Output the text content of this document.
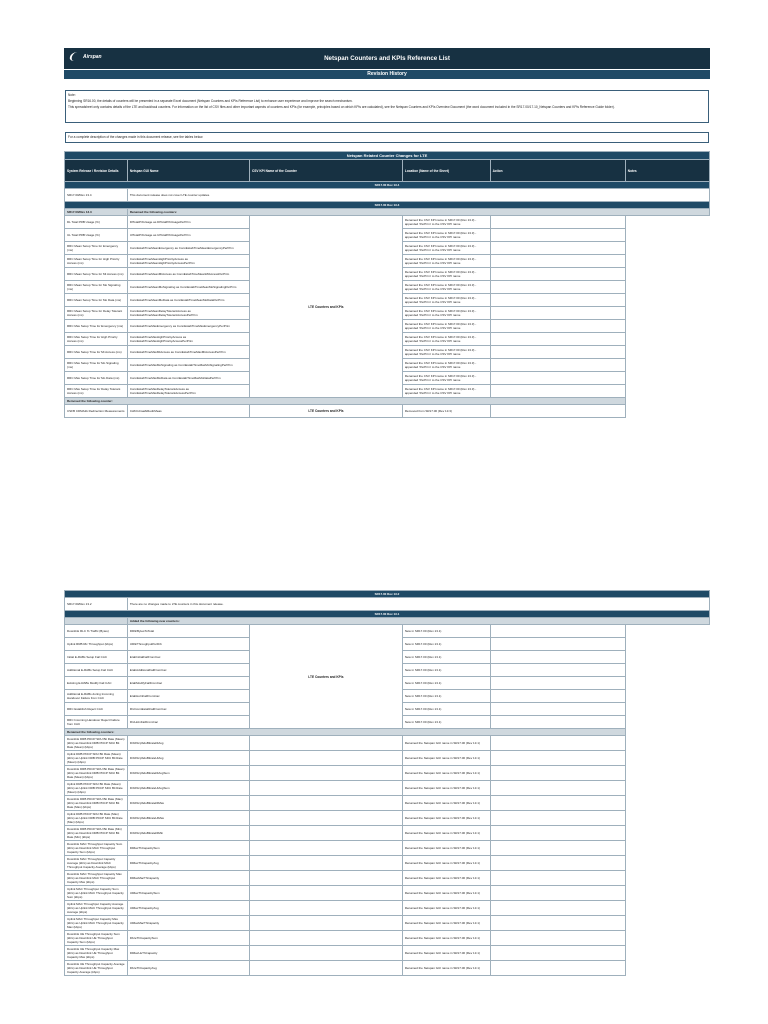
Airspan	Netspan Counters and KPIs Reference List
Revision History

Note:

Beginning SR16.00, the details of counters will be presented in a separate Excel document (Netspan Counters and KPIs Reference List) to enhance user experience and improve the search mechanism.

This spreadsheet only contains details of the LTE and backhaul counters. For information on the list of CSV files and other important aspects of counters and KPIs (for example, principles based on which KPIs are calculated), see the Netspan Counters and KPIs Overview Document (the word document included in the SR17.00/17.10_Netspan Counters and KPIs Reference Guide folder).

For a complete description of the changes made in this document release, see the tables below.
Netspan Related Counter Changes for LTE					
System Release / Revision Details	Netspan GUI Name	CSV KPI Name of the Counter	Location (Name of the Sheet)	Action	Notes
SR17.00 Rev 13.4					
SR17.00/Rev 13.4	This document release does not cover LTE counter updates.				
SR17.00 Rev 13.3					
SR17.00/Rev 13.3	Renamed the following counters:				
DL Total PRB Usage (%)	DlTotalPrbUsage as DlTotalPrbUsagePerPrim	LTE Counters and KPIs	Renamed the CSV KPI name in SR17.00 (Rev 13.3) - appended 'PerPrim' to the CSV KPI name		
UL Total PRB Usage (%)	UlTotalPrbUsage as UlTotalPrbUsagePerPrim		Renamed the CSV KPI name in SR17.00 (Rev 13.3) - appended 'PerPrim' to the CSV KPI name		
RRC Mean Setup Time for Emergency (ms)	ConnEstabTimeMeanEmergency as ConnEstabTimeMeanEmergencyPerPrim		Renamed the CSV KPI name in SR17.00 (Rev 13.3) - appended 'PerPrim' to the CSV KPI name		
RRC Mean Setup Time for High Priority Access (ms)	ConnEstabTimeMeanHighPriorityAccess as ConnEstabTimeMeanHighPriorityAccessPerPrim		Renamed the CSV KPI name in SR17.00 (Rev 13.3) - appended 'PerPrim' to the CSV KPI name		
RRC Mean Setup Time for Mt Access (ms)	ConnEstabTimeMeanMtAccess as ConnEstabTimeMeanMtAccessPerPrim		Renamed the CSV KPI name in SR17.00 (Rev 13.3) - appended 'PerPrim' to the CSV KPI name		
RRC Mean Setup Time for Mo Signaling (ms)	ConnEstabTimeMeanMoSignaling as ConnEstabTimeMeanMoSignalingPerPrim		Renamed the CSV KPI name in SR17.00 (Rev 13.3) - appended 'PerPrim' to the CSV KPI name		
RRC Mean Setup Time for Mo Data (ms)	ConnEstabTimeMeanMoData as ConnEstabTimeMeanMoDataPerPrim		Renamed the CSV KPI name in SR17.00 (Rev 13.3) - appended 'PerPrim' to the CSV KPI name		
RRC Mean Setup Time for Delay Tolerant Access (ms)	ConnEstabTimeMeanDelayTolerantAccess as ConnEstabTimeMeanDelayTolerantAccessPerPrim		Renamed the CSV KPI name in SR17.00 (Rev 13.3) - appended 'PerPrim' to the CSV KPI name		
RRC Max Setup Time for Emergency (ms)	ConnEstabTimeMaxEmergency as ConnEstabTimeMaxEmergencyPerPrim		Renamed the CSV KPI name in SR17.00 (Rev 13.3) - appended 'PerPrim' to the CSV KPI name		
RRC Max Setup Time for High Priority Access (ms)	ConnEstabTimeMaxHighPriorityAccess as ConnEstabTimeMaxHighPriorityAccessPerPrim		Renamed the CSV KPI name in SR17.00 (Rev 13.3) - appended 'PerPrim' to the CSV KPI name		
RRC Max Setup Time for Mt Access (ms)	ConnEstabTimeMaxMtAccess as ConnEstabTimeMaxMtAccessPerPrim		Renamed the CSV KPI name in SR17.00 (Rev 13.3) - appended 'PerPrim' to the CSV KPI name		
RRC Max Setup Time for Mo Signaling (ms)	ConnEstabTimeMaxMoSignaling as ConnEstabTimeMaxMoSignalingPerPrim		Renamed the CSV KPI name in SR17.00 (Rev 13.3) - appended 'PerPrim' to the CSV KPI name		
RRC Max Setup Time for Mo Data (ms)	ConnEstabTimeMaxMoData as ConnEstabTimeMaxMoDataPerPrim		Renamed the CSV KPI name in SR17.00 (Rev 13.3) - appended 'PerPrim' to the CSV KPI name		
RRC Max Setup Time for Delay Tolerant Access (ms)	ConnEstabTimeMaxDelayTolerantAccess as ConnEstabTimeMaxDelayTolerantAccessPerPrim		Renamed the CSV KPI name in SR17.00 (Rev 13.3) - appended 'PerPrim' to the CSV KPI name		
Removed the following counter:					
CSFB CDMA2k Redirection Measurements	CsfbCdma2kRedirMeas	LTE Counters and KPIs	Removed from SR17.00 (Rev 13.3)		
SR17.00 Rev 13.2				
SR17.00/Rev 13.2	There are no changes made to LTE counters in this document release.			
SR17.00 Rev 13.1				
	Added the following new counters:			
Downlink RLC % Traffic (Bytes)	DlRlcBytesToTotal	LTE Counters and KPIs	New in SR17.00 (Rev 13.1)	
Uplink RRB Rlc Throughput (kbps)	UlRlcThroughputPerDrb		New in SR17.00 (Rev 13.1)	
Initial E-RABs Setup Fail CAC	ErabInitialFailFromCac		New in SR17.00 (Rev 13.1)	
Additional E-RABs Setup Fail CAC	ErabAdditionalFailFromCac		New in SR17.00 (Rev 13.1)	
Existing E-RABs Modify Fail CAC	ErabModifyFailFromCac		New in SR17.00 (Rev 13.1)	
Additional E-RABs during Incoming Handover Failure from CAC	ErabHoInFailFromCac		New in SR17.00 (Rev 13.1)	
RRC Establish Reject CAC	RrcConnEstabFailFromCac		New in SR17.00 (Rev 13.1)	
RRC Incoming Handover Reject Failure from CAC	RrcHoInFailFromCac		New in SR17.00 (Rev 13.1)	
Renamed the following counters:				
Downlink DRB PDCP SDU Bit Rate (Mean) (kb/s) as Downlink DRB PDCP SDU Bit Rate (Mean) (kbps)	DrbPdcpSduBitrateDlAvg		Renamed the Netspan GUI name in SR17.00 (Rev 13.1)	
Uplink DRB PDCP SDU Bit Rate (Mean) (kb/s) as Uplink DRB PDCP SDU Bit Rate (Mean) (kbps)	DrbPdcpSduBitrateUlAvg		Renamed the Netspan GUI name in SR17.00 (Rev 13.1)	
Downlink DRB PDCP SDU Bit Rate (Mean) (kb/s) as Downlink DRB PDCP SDU Bit Rate (Mean) (kbps)	DrbPdcpSduBitrateDlAvgSum		Renamed the Netspan GUI name in SR17.00 (Rev 13.1)	
Uplink DRB PDCP SDU Bit Rate (Mean) (kb/s) as Uplink DRB PDCP SDU Bit Rate (Mean) (kbps)	DrbPdcpSduBitrateUlAvgSum		Renamed the Netspan GUI name in SR17.00 (Rev 13.1)	
Downlink DRB PDCP SDU Bit Rate (Max) (kb/s) as Downlink DRB PDCP SDU Bit Rate (Max) (kbps)	DrbPdcpSduBitrateDlMax		Renamed the Netspan GUI name in SR17.00 (Rev 13.1)	
Uplink DRB PDCP SDU Bit Rate (Max) (kb/s) as Uplink DRB PDCP SDU Bit Rate (Max) (kbps)	DrbPdcpSduBitrateUlMax		Renamed the Netspan GUI name in SR17.00 (Rev 13.1)	
Downlink DRB PDCP SDU Bit Rate (Min) (kb/s) as Downlink DRB PDCP SDU Bit Rate (Min) (kbps)	DrbPdcpSduBitrateDlMin		Renamed the Netspan GUI name in SR17.00 (Rev 13.1)	
Downlink MAC Throughput Capacity Sum (kb/s) as Downlink MAC Throughput Capacity Sum (kbps)	DlMacThCapacitySum		Renamed the Netspan GUI name in SR17.00 (Rev 13.1)	
Downlink MAC Throughput Capacity Average (kb/s) as Downlink MAC Throughput Capacity Average (kbps)	DlMacThCapacityAvg		Renamed the Netspan GUI name in SR17.00 (Rev 13.1)	
Downlink MAC Throughput Capacity Max (kb/s) as Downlink MAC Throughput Capacity Max (kbps)	DlMaxMacThCapacity		Renamed the Netspan GUI name in SR17.00 (Rev 13.1)	
Uplink MAC Throughput Capacity Sum (kb/s) as Uplink MAC Throughput Capacity Sum (kbps)	UlMacThCapacitySum		Renamed the Netspan GUI name in SR17.00 (Rev 13.1)	
Uplink MAC Throughput Capacity Average (kb/s) as Uplink MAC Throughput Capacity Average (kbps)	UlMacThCapacityAvg		Renamed the Netspan GUI name in SR17.00 (Rev 13.1)	
Uplink MAC Throughput Capacity Max (kb/s) as Uplink MAC Throughput Capacity Max (kbps)	UlMaxMacThCapacity		Renamed the Netspan GUI name in SR17.00 (Rev 13.1)	
Downlink UE Throughput Capacity Sum (kb/s) as Downlink UE Throughput Capacity Sum (kbps)	DlUeThCapacitySum		Renamed the Netspan GUI name in SR17.00 (Rev 13.1)	
Downlink UE Throughput Capacity Max (kb/s) as Downlink UE Throughput Capacity Max (kbps)	DlMaxUeThCapacity		Renamed the Netspan GUI name in SR17.00 (Rev 13.1)	
Downlink UE Throughput Capacity Average (kb/s) as Downlink UE Throughput Capacity Average (kbps)	DlUeThCapacityAvg		Renamed the Netspan GUI name in SR17.00 (Rev 13.1)	
